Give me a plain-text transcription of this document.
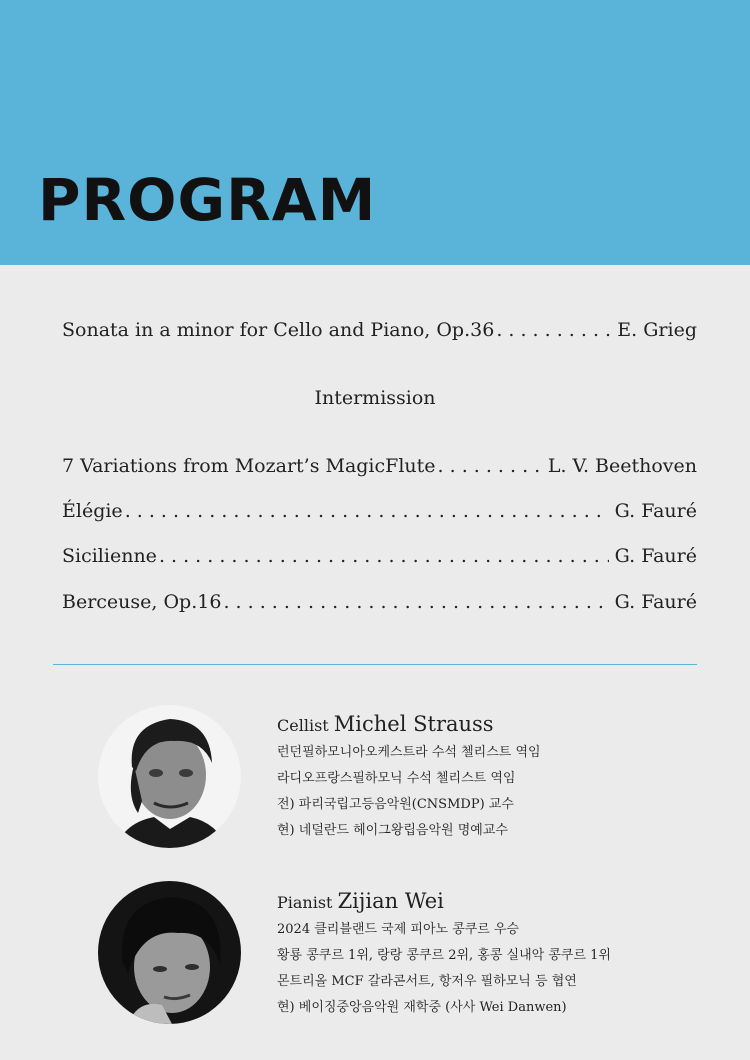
PROGRAM
Sonata in a minor for Cello and Piano, Op.36 . . .	E. Grieg
Intermission
7 Variations from Mozart’s MagicFlute . . .	L. V. Beethoven
Élégie . . .	G. Fauré
Sicilienne . . .	G. Fauré
Berceuse, Op.16 . . .	G. Fauré
Cellist Michel Strauss
런던필하모니아오케스트라 수석 첼리스트 역임
라디오프랑스필하모닉 수석 첼리스트 역임
전) 파리국립고등음악원(CNSMDP) 교수
현) 네덜란드 헤이그왕립음악원 명예교수
Pianist Zijian Wei
2024 클리블랜드 국제 피아노 콩쿠르 우승
황룡 콩쿠르 1위, 랑랑 콩쿠르 2위, 홍콩 실내악 콩쿠르 1위
몬트리올 MCF 갈라콘서트, 항저우 필하모닉 등 협연
현) 베이징중앙음악원 재학중 (사사 Wei Danwen)
